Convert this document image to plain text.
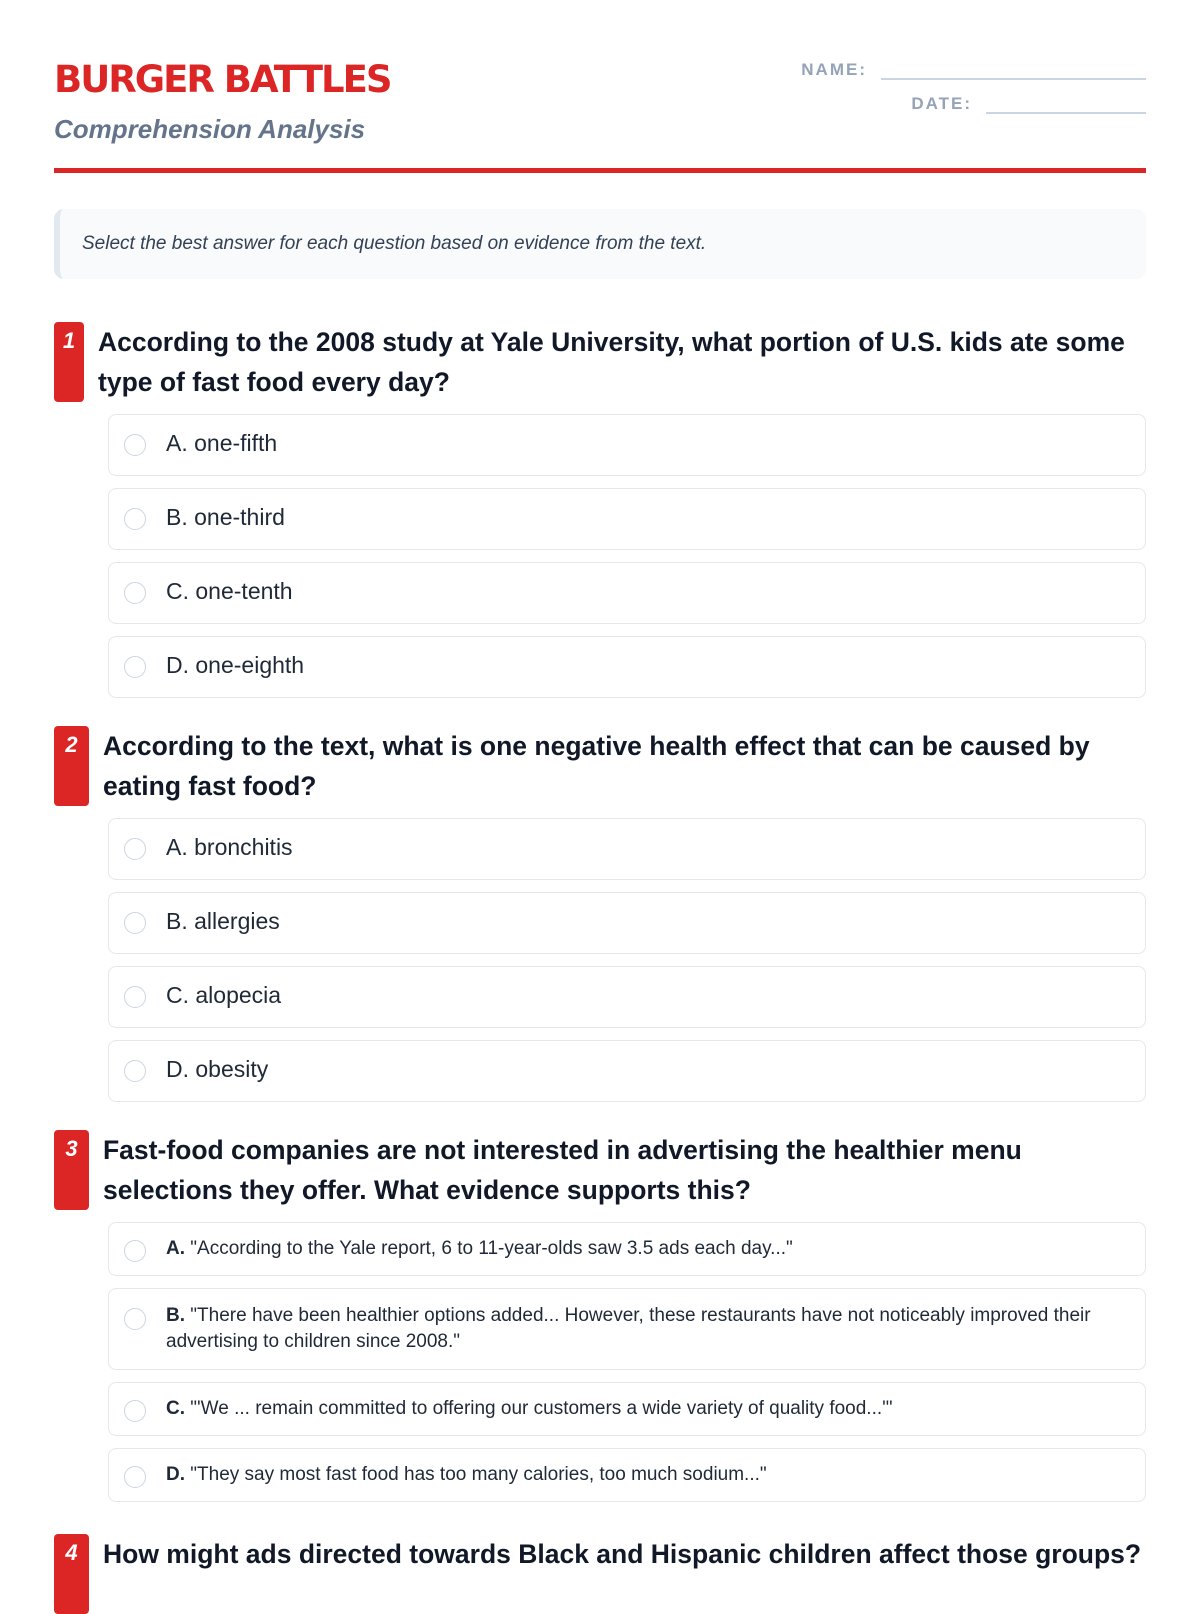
BURGER BATTLES
Comprehension Analysis
NAME:
DATE:
Select the best answer for each question based on evidence from the text.
1 According to the 2008 study at Yale University, what portion of U.S. kids ate some type of fast food every day?
A. one-fifth
B. one-third
C. one-tenth
D. one-eighth
2 According to the text, what is one negative health effect that can be caused by eating fast food?
A. bronchitis
B. allergies
C. alopecia
D. obesity
3 Fast-food companies are not interested in advertising the healthier menu selections they offer. What evidence supports this?
A. "According to the Yale report, 6 to 11-year-olds saw 3.5 ads each day..."
B. "There have been healthier options added... However, these restaurants have not noticeably improved their advertising to children since 2008."
C. "'We ... remain committed to offering our customers a wide variety of quality food...'"
D. "They say most fast food has too many calories, too much sodium..."
4 How might ads directed towards Black and Hispanic children affect those groups?
